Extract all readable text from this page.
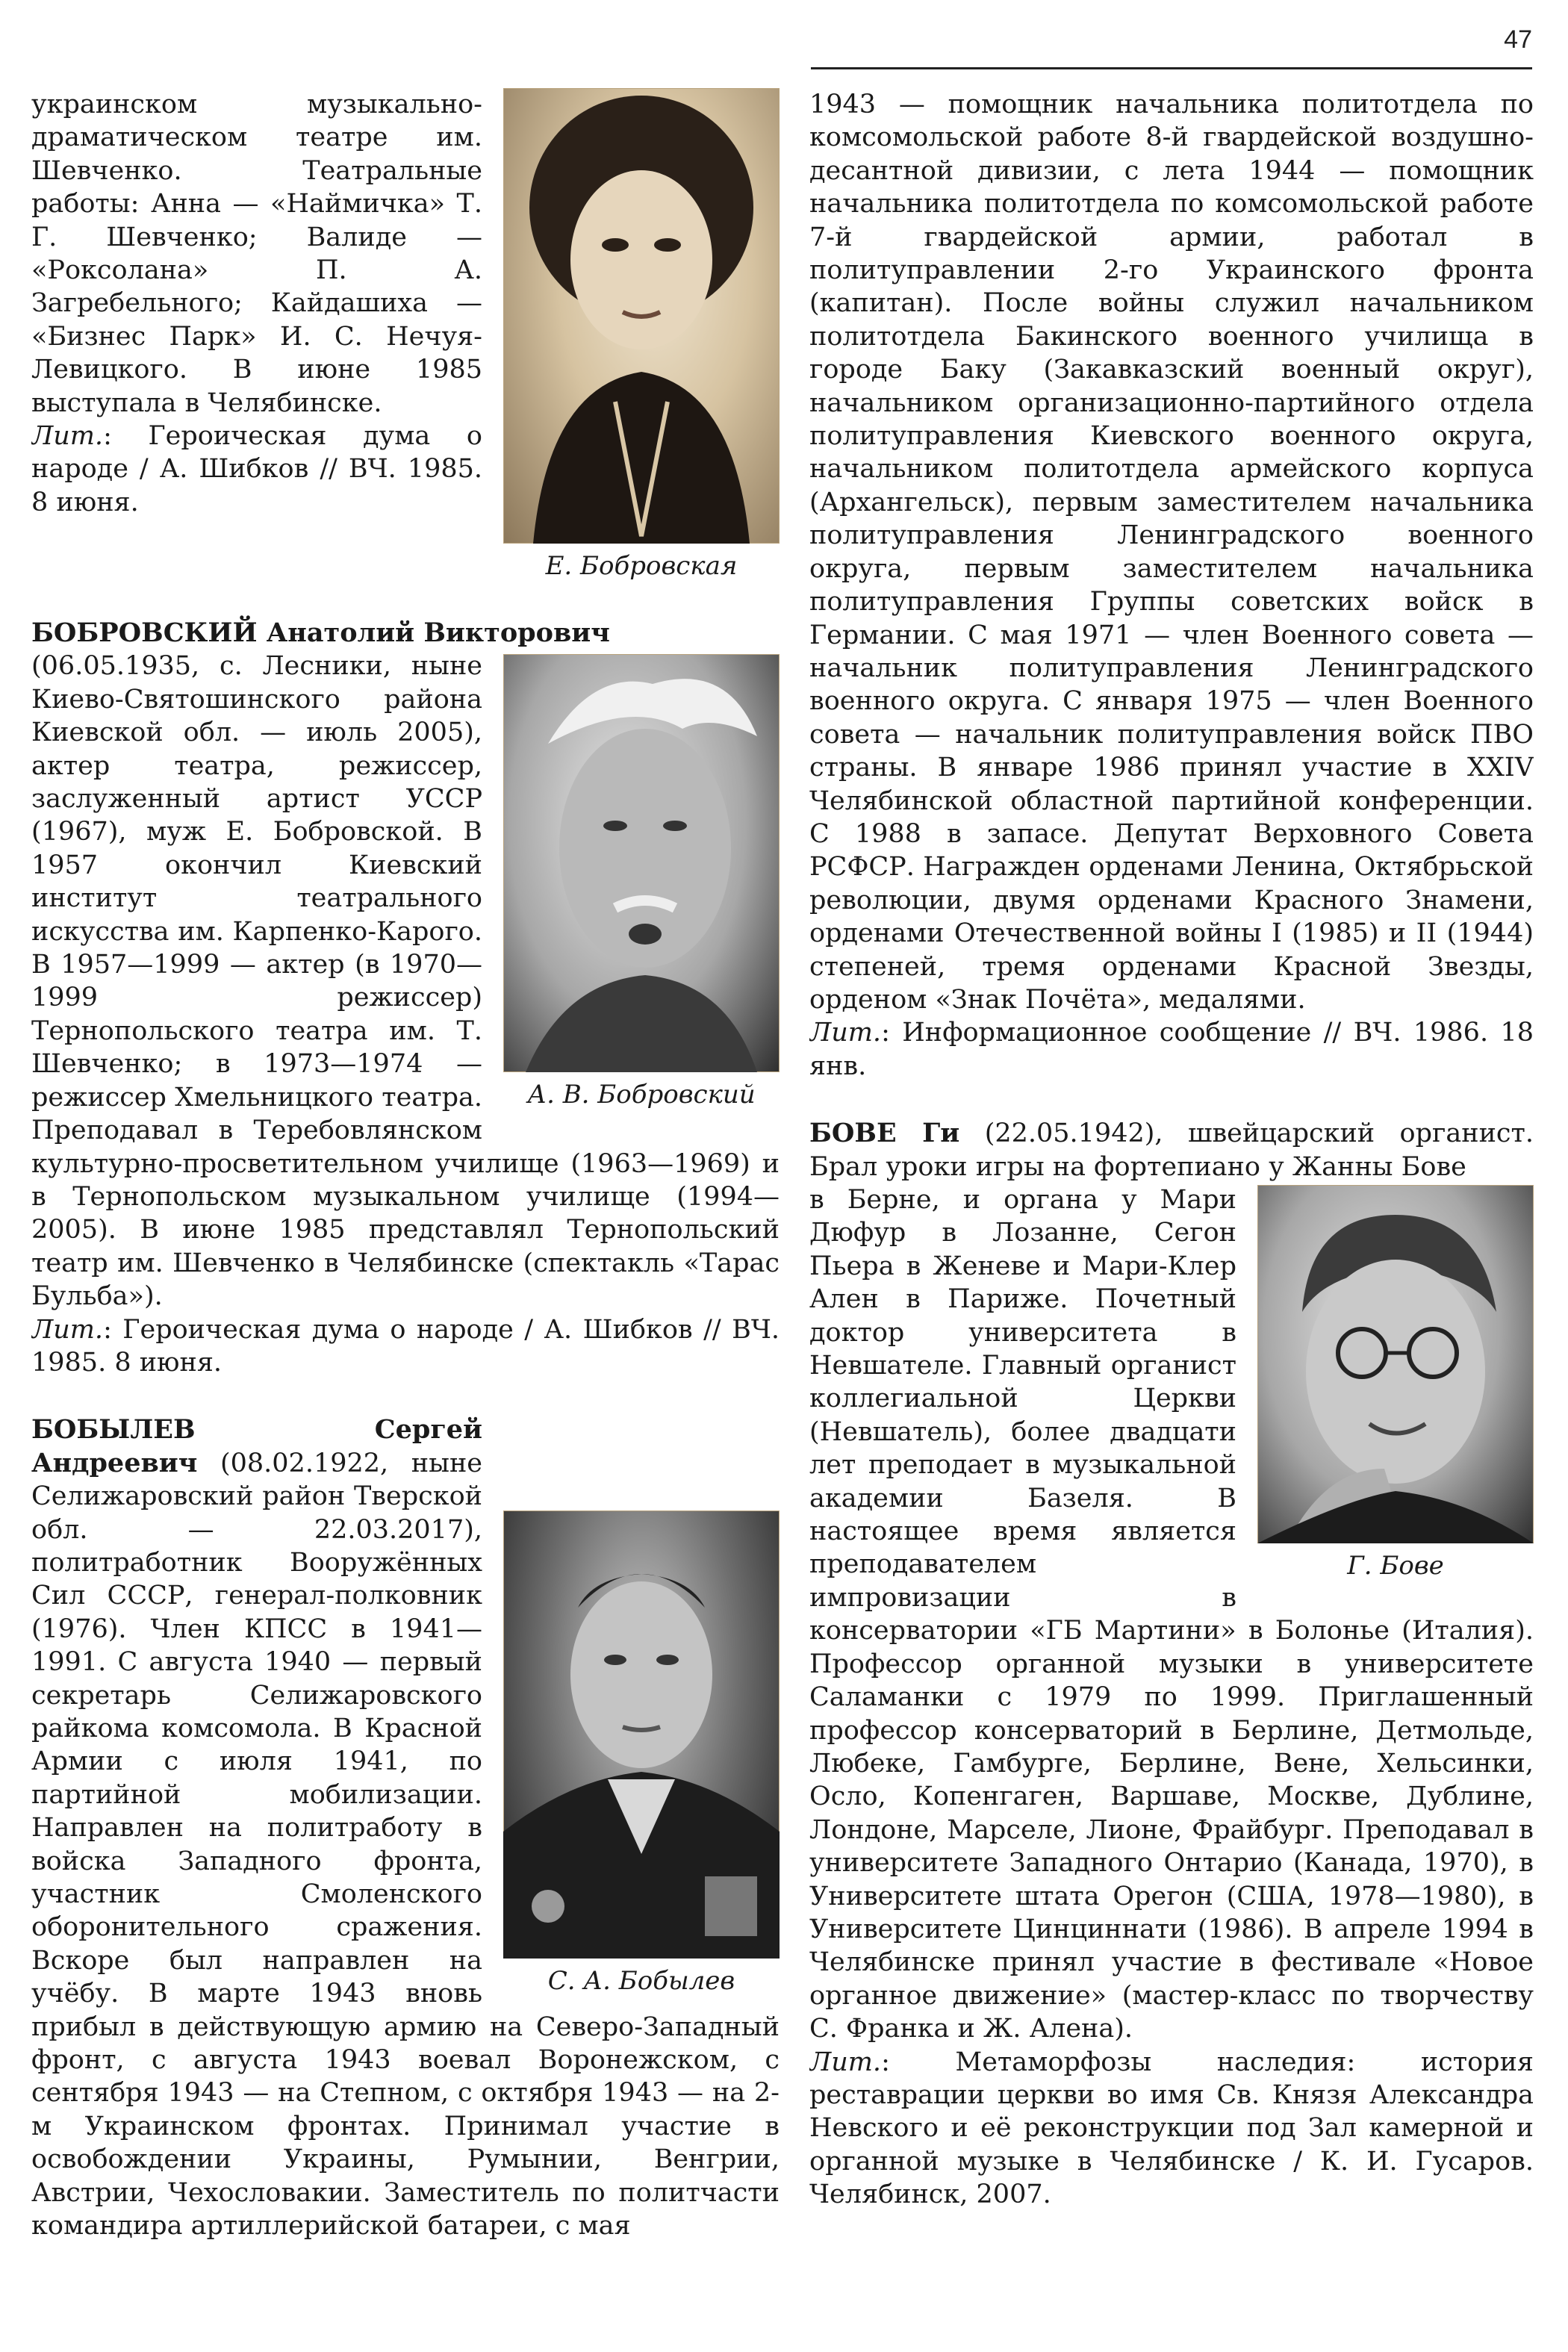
47
Е. Бобровская

украинском музыкально-драматическом театре им. Шевченко. Театральные работы: Анна — «Наймичка» Т. Г. Шевченко; Валиде — «Роксолана» П. А. Загребельного; Кайдашиха — «Бизнес Парк» И. С. Нечуя-Левицкого. В июне 1985 выступала в Челябинске.

Лит.: Героическая дума о народе / А. Шибков // ВЧ. 1985. 8 июня.

БОБРОВСКИЙ Анатолий Викторович

А. В. Бобровский

(06.05.1935, с. Лесники, ныне Киево-Святошинского района Киевской обл. — июль 2005), актер театра, режиссер, заслуженный артист УССР (1967), муж Е. Бобровской. В 1957 окончил Киевский институт театрального искусства им. Карпенко-Карого. В 1957—1999 — актер (в 1970—1999 режиссер) Тернопольского театра им. Т. Шевченко; в 1973—1974 — режиссер Хмельницкого театра. Преподавал в Теребовлянском культурно-просветительном училище (1963—1969) и в Тернопольском музыкальном училище (1994—2005). В июне 1985 представлял Тернопольский театр им. Шевченко в Челябинске (спектакль «Тарас Бульба»).

Лит.: Героическая дума о народе / А. Шибков // ВЧ. 1985. 8 июня.

С. А. Бобылев

БОБЫЛЕВ Сергей Андреевич (08.02.1922, ныне Селижаровский район Тверской обл. — 22.03.2017), политработник Вооружённых Сил СССР, генерал-полковник (1976). Член КПСС в 1941—1991. С августа 1940 — первый секретарь Селижаровского райкома комсомола. В Красной Армии с июля 1941, по партийной мобилизации. Направлен на политработу в войска Западного фронта, участник Смоленского оборонительного сражения. Вскоре был направлен на учёбу. В марте 1943 вновь прибыл в действующую армию на Северо-Западный фронт, с августа 1943 воевал Воронежском, с сентября 1943 — на Степном, с октября 1943 — на 2-м Украинском фронтах. Принимал участие в освобождении Украины, Румынии, Венгрии, Австрии, Чехословакии. Заместитель по политчасти командира артиллерийской батареи, с мая

1943 — помощник начальника политотдела по комсомольской работе 8-й гвардейской воздушно-десантной дивизии, с лета 1944 — помощник начальника политотдела по комсомольской работе 7-й гвардейской армии, работал в политуправлении 2-го Украинского фронта (капитан). После войны служил начальником политотдела Бакинского военного училища в городе Баку (Закавказский военный округ), начальником организационно-партийного отдела политуправления Киевского военного округа, начальником политотдела армейского корпуса (Архангельск), первым заместителем начальника политуправления Ленинградского военного округа, первым заместителем начальника политуправления Группы советских войск в Германии. С мая 1971 — член Военного совета — начальник политуправления Ленинградского военного округа. С января 1975 — член Военного совета — начальник политуправления войск ПВО страны. В январе 1986 принял участие в XXIV Челябинской областной партийной конференции. С 1988 в запасе. Депутат Верховного Совета РСФСР. Награжден орденами Ленина, Октябрьской революции, двумя орденами Красного Знамени, орденами Отечественной войны I (1985) и II (1944) степеней, тремя орденами Красной Звезды, орденом «Знак Почёта», медалями.

Лит.: Информационное сообщение // ВЧ. 1986. 18 янв.

БОВЕ Ги (22.05.1942), швейцарский органист. Брал уроки игры на фортепиано у Жанны Бове

Г. Бове

в Берне, и органа у Мари Дюфур в Лозанне, Сегон Пьера в Женеве и Мари-Клер Ален в Париже. Почетный доктор университета в Невшателе. Главный органист коллегиальной Церкви (Невшатель), более двадцати лет преподает в музыкальной академии Базеля. В настоящее время является преподавателем импровизации в консерватории «ГБ Мартини» в Болонье (Италия). Профессор органной музыки в университете Саламанки с 1979 по 1999. Приглашенный профессор консерваторий в Берлине, Детмольде, Любеке, Гамбурге, Берлине, Вене, Хельсинки, Осло, Копенгаген, Варшаве, Москве, Дублине, Лондоне, Марселе, Лионе, Фрайбург. Преподавал в университете Западного Онтарио (Канада, 1970), в Университете штата Орегон (США, 1978—1980), в Университете Цинциннати (1986). В апреле 1994 в Челябинске принял участие в фестивале «Новое органное движение» (мастер-класс по творчеству С. Франка и Ж. Алена).

Лит.: Метаморфозы наследия: история реставрации церкви во имя Св. Князя Александра Невского и её реконструкции под Зал камерной и органной музыке в Челябинске / К. И. Гусаров. Челябинск, 2007.
